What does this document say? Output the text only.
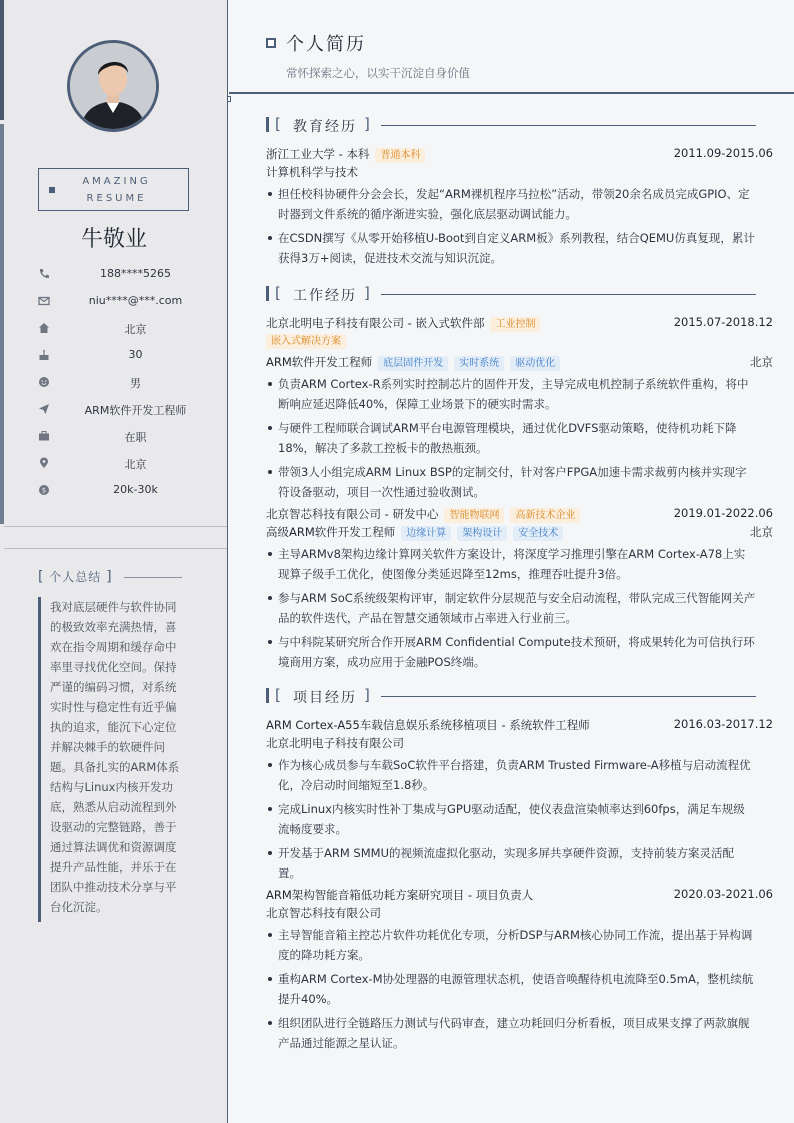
AMAZING
RESUME
牛敬业
188****5265
niu****@***.com
北京
30
男
ARM软件开发工程师
在职
北京
$	20k-30k
[ 个人总结 ]
我对底层硬件与软件协同的极致效率充满热情，喜欢在指令周期和缓存命中率里寻找优化空间。保持严谨的编码习惯，对系统实时性与稳定性有近乎偏执的追求，能沉下心定位并解决棘手的软硬件问题。具备扎实的ARM体系结构与Linux内核开发功底，熟悉从启动流程到外设驱动的完整链路，善于通过算法调优和资源调度提升产品性能，并乐于在团队中推动技术分享与平台化沉淀。
个人简历
常怀探索之心，以实干沉淀自身价值
[ 教育经历 ]
浙江工业大学 - 本科 普通本科	2011.09-2015.06
计算机科学与技术
担任校科协硬件分会会长，发起“ARM裸机程序马拉松”活动，带领20余名成员完成GPIO、定时器到文件系统的循序渐进实验，强化底层驱动调试能力。
在CSDN撰写《从零开始移植U-Boot到自定义ARM板》系列教程，结合QEMU仿真复现，累计获得3万+阅读，促进技术交流与知识沉淀。
[ 工作经历 ]
北京北明电子科技有限公司 - 嵌入式软件部 工业控制	2015.07-2018.12
嵌入式解决方案
ARM软件开发工程师 底层固件开发 实时系统 驱动优化	北京
负责ARM Cortex-R系列实时控制芯片的固件开发，主导完成电机控制子系统软件重构，将中断响应延迟降低40%，保障工业场景下的硬实时需求。
与硬件工程师联合调试ARM平台电源管理模块，通过优化DVFS驱动策略，使待机功耗下降18%，解决了多款工控板卡的散热瓶颈。
带领3人小组完成ARM Linux BSP的定制交付，针对客户FPGA加速卡需求裁剪内核并实现字符设备驱动，项目一次性通过验收测试。
北京智芯科技有限公司 - 研发中心 智能物联网 高新技术企业	2019.01-2022.06
高级ARM软件开发工程师 边缘计算 架构设计 安全技术	北京
主导ARMv8架构边缘计算网关软件方案设计，将深度学习推理引擎在ARM Cortex-A78上实现算子级手工优化，使图像分类延迟降至12ms，推理吞吐提升3倍。
参与ARM SoC系统级架构评审，制定软件分层规范与安全启动流程，带队完成三代智能网关产品的软件迭代，产品在智慧交通领域市占率进入行业前三。
与中科院某研究所合作开展ARM Confidential Compute技术预研，将成果转化为可信执行环境商用方案，成功应用于金融POS终端。
[ 项目经历 ]
ARM Cortex-A55车载信息娱乐系统移植项目 - 系统软件工程师	2016.03-2017.12
北京北明电子科技有限公司
作为核心成员参与车载SoC软件平台搭建，负责ARM Trusted Firmware-A移植与启动流程优化，冷启动时间缩短至1.8秒。
完成Linux内核实时性补丁集成与GPU驱动适配，使仪表盘渲染帧率达到60fps，满足车规级流畅度要求。
开发基于ARM SMMU的视频流虚拟化驱动，实现多屏共享硬件资源，支持前装方案灵活配置。
ARM架构智能音箱低功耗方案研究项目 - 项目负责人	2020.03-2021.06
北京智芯科技有限公司
主导智能音箱主控芯片软件功耗优化专项，分析DSP与ARM核心协同工作流，提出基于异构调度的降功耗方案。
重构ARM Cortex-M协处理器的电源管理状态机，使语音唤醒待机电流降至0.5mA，整机续航提升40%。
组织团队进行全链路压力测试与代码审查，建立功耗回归分析看板，项目成果支撑了两款旗舰产品通过能源之星认证。
